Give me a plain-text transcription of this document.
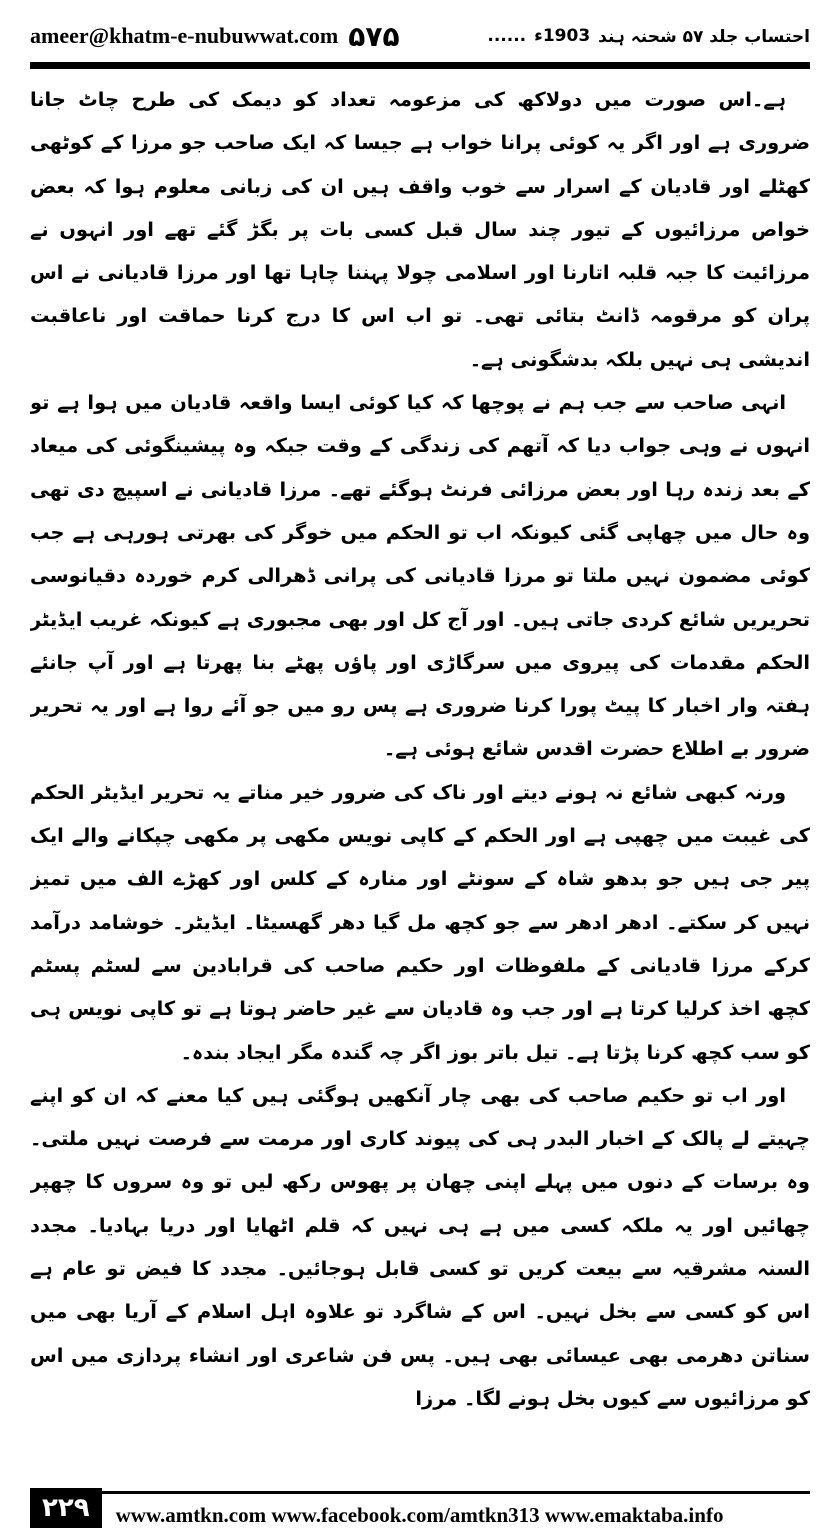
ameer@khatm-e-nubuwwat.com ۵۷۵	احتساب جلد ۵۷ شحنہ ہند
1903ء
......

ہے۔اس صورت میں دولاکھ کی مزعومہ تعداد کو دیمک کی طرح چاٹ جانا ضروری ہے اور اگر یہ کوئی پرانا خواب ہے جیسا کہ ایک صاحب جو مرزا کے کوٹھی کھٹلے اور قادیان کے اسرار سے خوب واقف ہیں ان کی زبانی معلوم ہوا کہ بعض خواص مرزائیوں کے تیور چند سال قبل کسی بات پر بگڑ گئے تھے اور انہوں نے مرزائیت کا جبہ قلبہ اتارنا اور اسلامی چولا پہننا چاہا تھا اور مرزا قادیانی نے اس پران کو مرقومہ ڈانٹ بتائی تھی۔ تو اب اس کا درج کرنا حماقت اور ناعاقبت اندیشی ہی نہیں بلکہ بدشگونی ہے۔

انہی صاحب سے جب ہم نے پوچھا کہ کیا کوئی ایسا واقعہ قادیان میں ہوا ہے تو انہوں نے وہی جواب دیا کہ آتھم کی زندگی کے وقت جبکہ وہ پیشینگوئی کی میعاد کے بعد زندہ رہا اور بعض مرزائی فرنٹ ہوگئے تھے۔ مرزا قادیانی نے اسپیچ دی تھی وہ حال میں چھاپی گئی کیونکہ اب تو الحکم میں خوگر کی بھرتی ہورہی ہے جب کوئی مضمون نہیں ملتا تو مرزا قادیانی کی پرانی ڈھرالی کرم خوردہ دقیانوسی تحریریں شائع کردی جاتی ہیں۔ اور آج کل اور بھی مجبوری ہے کیونکہ غریب ایڈیٹر الحکم مقدمات کی پیروی میں سرگاڑی اور پاؤں پھٹے بنا پھرتا ہے اور آپ جانئے ہفتہ وار اخبار کا پیٹ پورا کرنا ضروری ہے پس رو میں جو آئے روا ہے اور یہ تحریر ضرور بے اطلاع حضرت اقدس شائع ہوئی ہے۔

ورنہ کبھی شائع نہ ہونے دیتے اور ناک کی ضرور خیر مناتے یہ تحریر ایڈیٹر الحکم کی غیبت میں چھپی ہے اور الحکم کے کاپی نویس مکھی پر مکھی چپکانے والے ایک پیر جی ہیں جو بدھو شاہ کے سونٹے اور منارہ کے کلس اور کھڑے الف میں تمیز نہیں کر سکتے۔ ادھر ادھر سے جو کچھ مل گیا دھر گھسیٹا۔ ایڈیٹر۔ خوشامد درآمد کرکے مرزا قادیانی کے ملفوظات اور حکیم صاحب کی قرابادین سے لسٹم پسٹم کچھ اخذ کرلیا کرتا ہے اور جب وہ قادیان سے غیر حاضر ہوتا ہے تو کاپی نویس ہی کو سب کچھ کرنا پڑتا ہے۔ تیل باتر بوز اگر چہ گندہ مگر ایجاد بندہ۔

اور اب تو حکیم صاحب کی بھی چار آنکھیں ہوگئی ہیں کیا معنے کہ ان کو اپنے چہیتے لے پالک کے اخبار البدر ہی کی پیوند کاری اور مرمت سے فرصت نہیں ملتی۔ وہ برسات کے دنوں میں پہلے اپنی چھان پر پھوس رکھ لیں تو وہ سروں کا چھپر چھائیں اور یہ ملکہ کسی میں ہے ہی نہیں کہ قلم اٹھایا اور دریا بہادیا۔ مجدد السنہ مشرقیہ سے بیعت کریں تو کسی قابل ہوجائیں۔ مجدد کا فیض تو عام ہے اس کو کسی سے بخل نہیں۔ اس کے شاگرد تو علاوہ اہل اسلام کے آریا بھی میں سناتن دھرمی بھی عیسائی بھی ہیں۔ پس فن شاعری اور انشاء پردازی میں اس کو مرزائیوں سے کیوں بخل ہونے لگا۔ مرزا

۲۲۹	www.amtkn.com www.facebook.com/amtkn313 www.emaktaba.info
